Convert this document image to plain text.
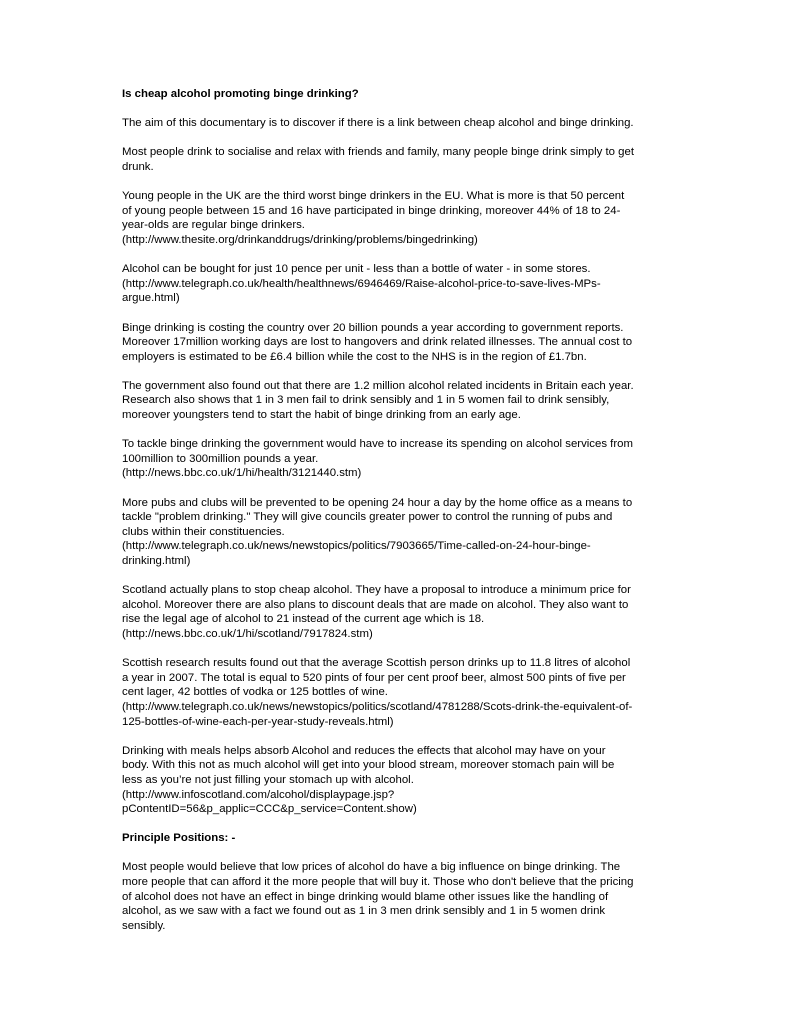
Is cheap alcohol promoting binge drinking?

The aim of this documentary is to discover if there is a link between cheap alcohol and binge drinking.

Most people drink to socialise and relax with friends and family, many people binge drink simply to get
drunk.

Young people in the UK are the third worst binge drinkers in the EU. What is more is that 50 percent
of young people between 15 and 16 have participated in binge drinking, moreover 44% of 18 to 24-
year-olds are regular binge drinkers.
(http://www.thesite.org/drinkanddrugs/drinking/problems/bingedrinking)

Alcohol can be bought for just 10 pence per unit - less than a bottle of water - in some stores.
(http://www.telegraph.co.uk/health/healthnews/6946469/Raise-alcohol-price-to-save-lives-MPs-
argue.html)

Binge drinking is costing the country over 20 billion pounds a year according to government reports.
Moreover 17million working days are lost to hangovers and drink related illnesses. The annual cost to
employers is estimated to be £6.4 billion while the cost to the NHS is in the region of £1.7bn.

The government also found out that there are 1.2 million alcohol related incidents in Britain each year.
Research also shows that 1 in 3 men fail to drink sensibly and 1 in 5 women fail to drink sensibly,
moreover youngsters tend to start the habit of binge drinking from an early age.

To tackle binge drinking the government would have to increase its spending on alcohol services from
100million to 300million pounds a year.
(http://news.bbc.co.uk/1/hi/health/3121440.stm)

More pubs and clubs will be prevented to be opening 24 hour a day by the home office as a means to
tackle "problem drinking." They will give councils greater power to control the running of pubs and
clubs within their constituencies.
(http://www.telegraph.co.uk/news/newstopics/politics/7903665/Time-called-on-24-hour-binge-
drinking.html)

Scotland actually plans to stop cheap alcohol. They have a proposal to introduce a minimum price for
alcohol. Moreover there are also plans to discount deals that are made on alcohol. They also want to
rise the legal age of alcohol to 21 instead of the current age which is 18.
(http://news.bbc.co.uk/1/hi/scotland/7917824.stm)

Scottish research results found out that the average Scottish person drinks up to 11.8 litres of alcohol
a year in 2007. The total is equal to 520 pints of four per cent proof beer, almost 500 pints of five per
cent lager, 42 bottles of vodka or 125 bottles of wine.
(http://www.telegraph.co.uk/news/newstopics/politics/scotland/4781288/Scots-drink-the-equivalent-of-
125-bottles-of-wine-each-per-year-study-reveals.html)

Drinking with meals helps absorb Alcohol and reduces the effects that alcohol may have on your
body. With this not as much alcohol will get into your blood stream, moreover stomach pain will be
less as you’re not just filling your stomach up with alcohol.
(http://www.infoscotland.com/alcohol/displaypage.jsp?
pContentID=56&p_applic=CCC&p_service=Content.show)

Principle Positions: -

Most people would believe that low prices of alcohol do have a big influence on binge drinking. The
more people that can afford it the more people that will buy it. Those who don't believe that the pricing
of alcohol does not have an effect in binge drinking would blame other issues like the handling of
alcohol, as we saw with a fact we found out as 1 in 3 men drink sensibly and 1 in 5 women drink
sensibly.
